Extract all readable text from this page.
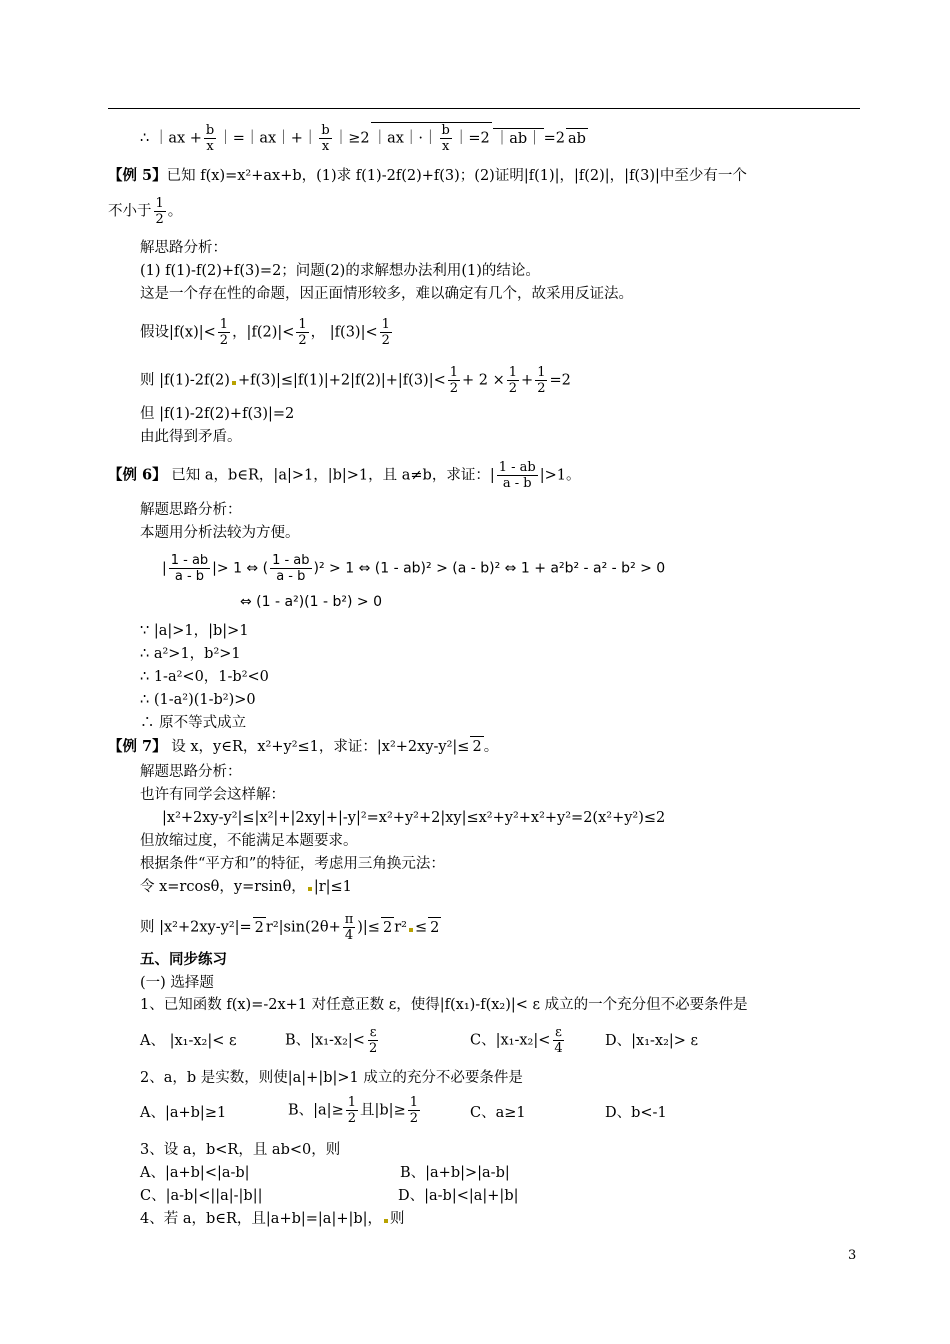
∴ ｜ax + $\frac{b}{x}$ ｜=｜ax｜+｜ $\frac{b}{x}$ ｜≥2 ｜ax｜·｜ $\frac{b}{x}$ ｜=2 ｜ab｜ =2 ab
【例 5】已知 f(x)=x²+ax+b，(1)求 f(1)-2f(2)+f(3)；(2)证明|f(1)|，|f(2)|，|f(3)|中至少有一个
不小于 $\frac{1}{2}$ 。
解思路分析：
(1) f(1)-f(2)+f(3)=2；问题(2)的求解想办法利用(1)的结论。
这是一个存在性的命题，因正面情形较多，难以确定有几个，故采用反证法。
假设$|f(x)|< \frac{1}{2}$ ，$|f(2)|< \frac{1}{2}$ ， $|f(3)|< \frac{1}{2}$
则 $|f(1)-2f(2) +f(3)|\le|f(1)|+2|f(2)|+|f(3)|< \frac{1}{2} + 2 \times \frac{1}{2} + \frac{1}{2} =2$
但 |f(1)-2f(2)+f(3)|=2
由此得到矛盾。
【例 6】 已知 a，b∈R，|a|>1，|b|>1，且 a≠b，求证：| $\frac{1 - ab}{a - b} |>1$。
解题思路分析：
本题用分析法较为方便。
| $\frac{1 - ab}{a - b}$ |> 1 ⇔ ( $\frac{1 - ab}{a - b} )^2 > 1$ ⇔ (1 - ab)² > (a - b)² ⇔ 1 + a²b² - a² - b² > 0
⇔ (1 - a²)(1 - b²) > 0
∵ |a|>1，|b|>1
∴ a²>1，b²>1
∴ 1-a²<0，1-b²<0
∴ (1-a²)(1-b²)>0
∴ 原不等式成立
【例 7】 设 x，y∈R，x²+y²≤1，求证：|x²+2xy-y²|≤ 2 。
解题思路分析：
也许有同学会这样解：
|x²+2xy-y²|≤|x²|+|2xy|+|-y|²=x²+y²+2|xy|≤x²+y²+x²+y²=2(x²+y²)≤2
但放缩过度，不能满足本题要求。
根据条件“平方和”的特征，考虑用三角换元法：
令 x=rcosθ，y=rsinθ， |r|≤1
则 |x²+2xy-y²|= 2 $r^2|\sin(2\theta+ \frac{\pi}{4}$ )|≤ 2 r² ≤ 2
五、同步练习
(一) 选择题
1、已知函数 f(x)=-2x+1 对任意正数 ε，使得|f(x₁)-f(x₂)|< ε 成立的一个充分但不必要条件是
A、 |x₁-x₂|< ε	B、$|x_1-x_2|< \frac{\varepsilon}{2}$	C、$|x_1-x_2|< \frac{\varepsilon}{4}$	D、|x₁-x₂|> ε
2、a，b 是实数，则使|a|+|b|>1 成立的充分不必要条件是
A、|a+b|≥1	B、$|a|\ge \frac{1}{2}$ 且$|b|\ge \frac{1}{2}$	C、a≥1	D、b<-1
3、设 a，b<R，且 ab<0，则
A、|a+b|<|a-b|	B、|a+b|>|a-b|
C、|a-b|<||a|-|b||	D、|a-b|<|a|+|b|
4、若 a，b∈R，且|a+b|=|a|+|b|， 则
3
